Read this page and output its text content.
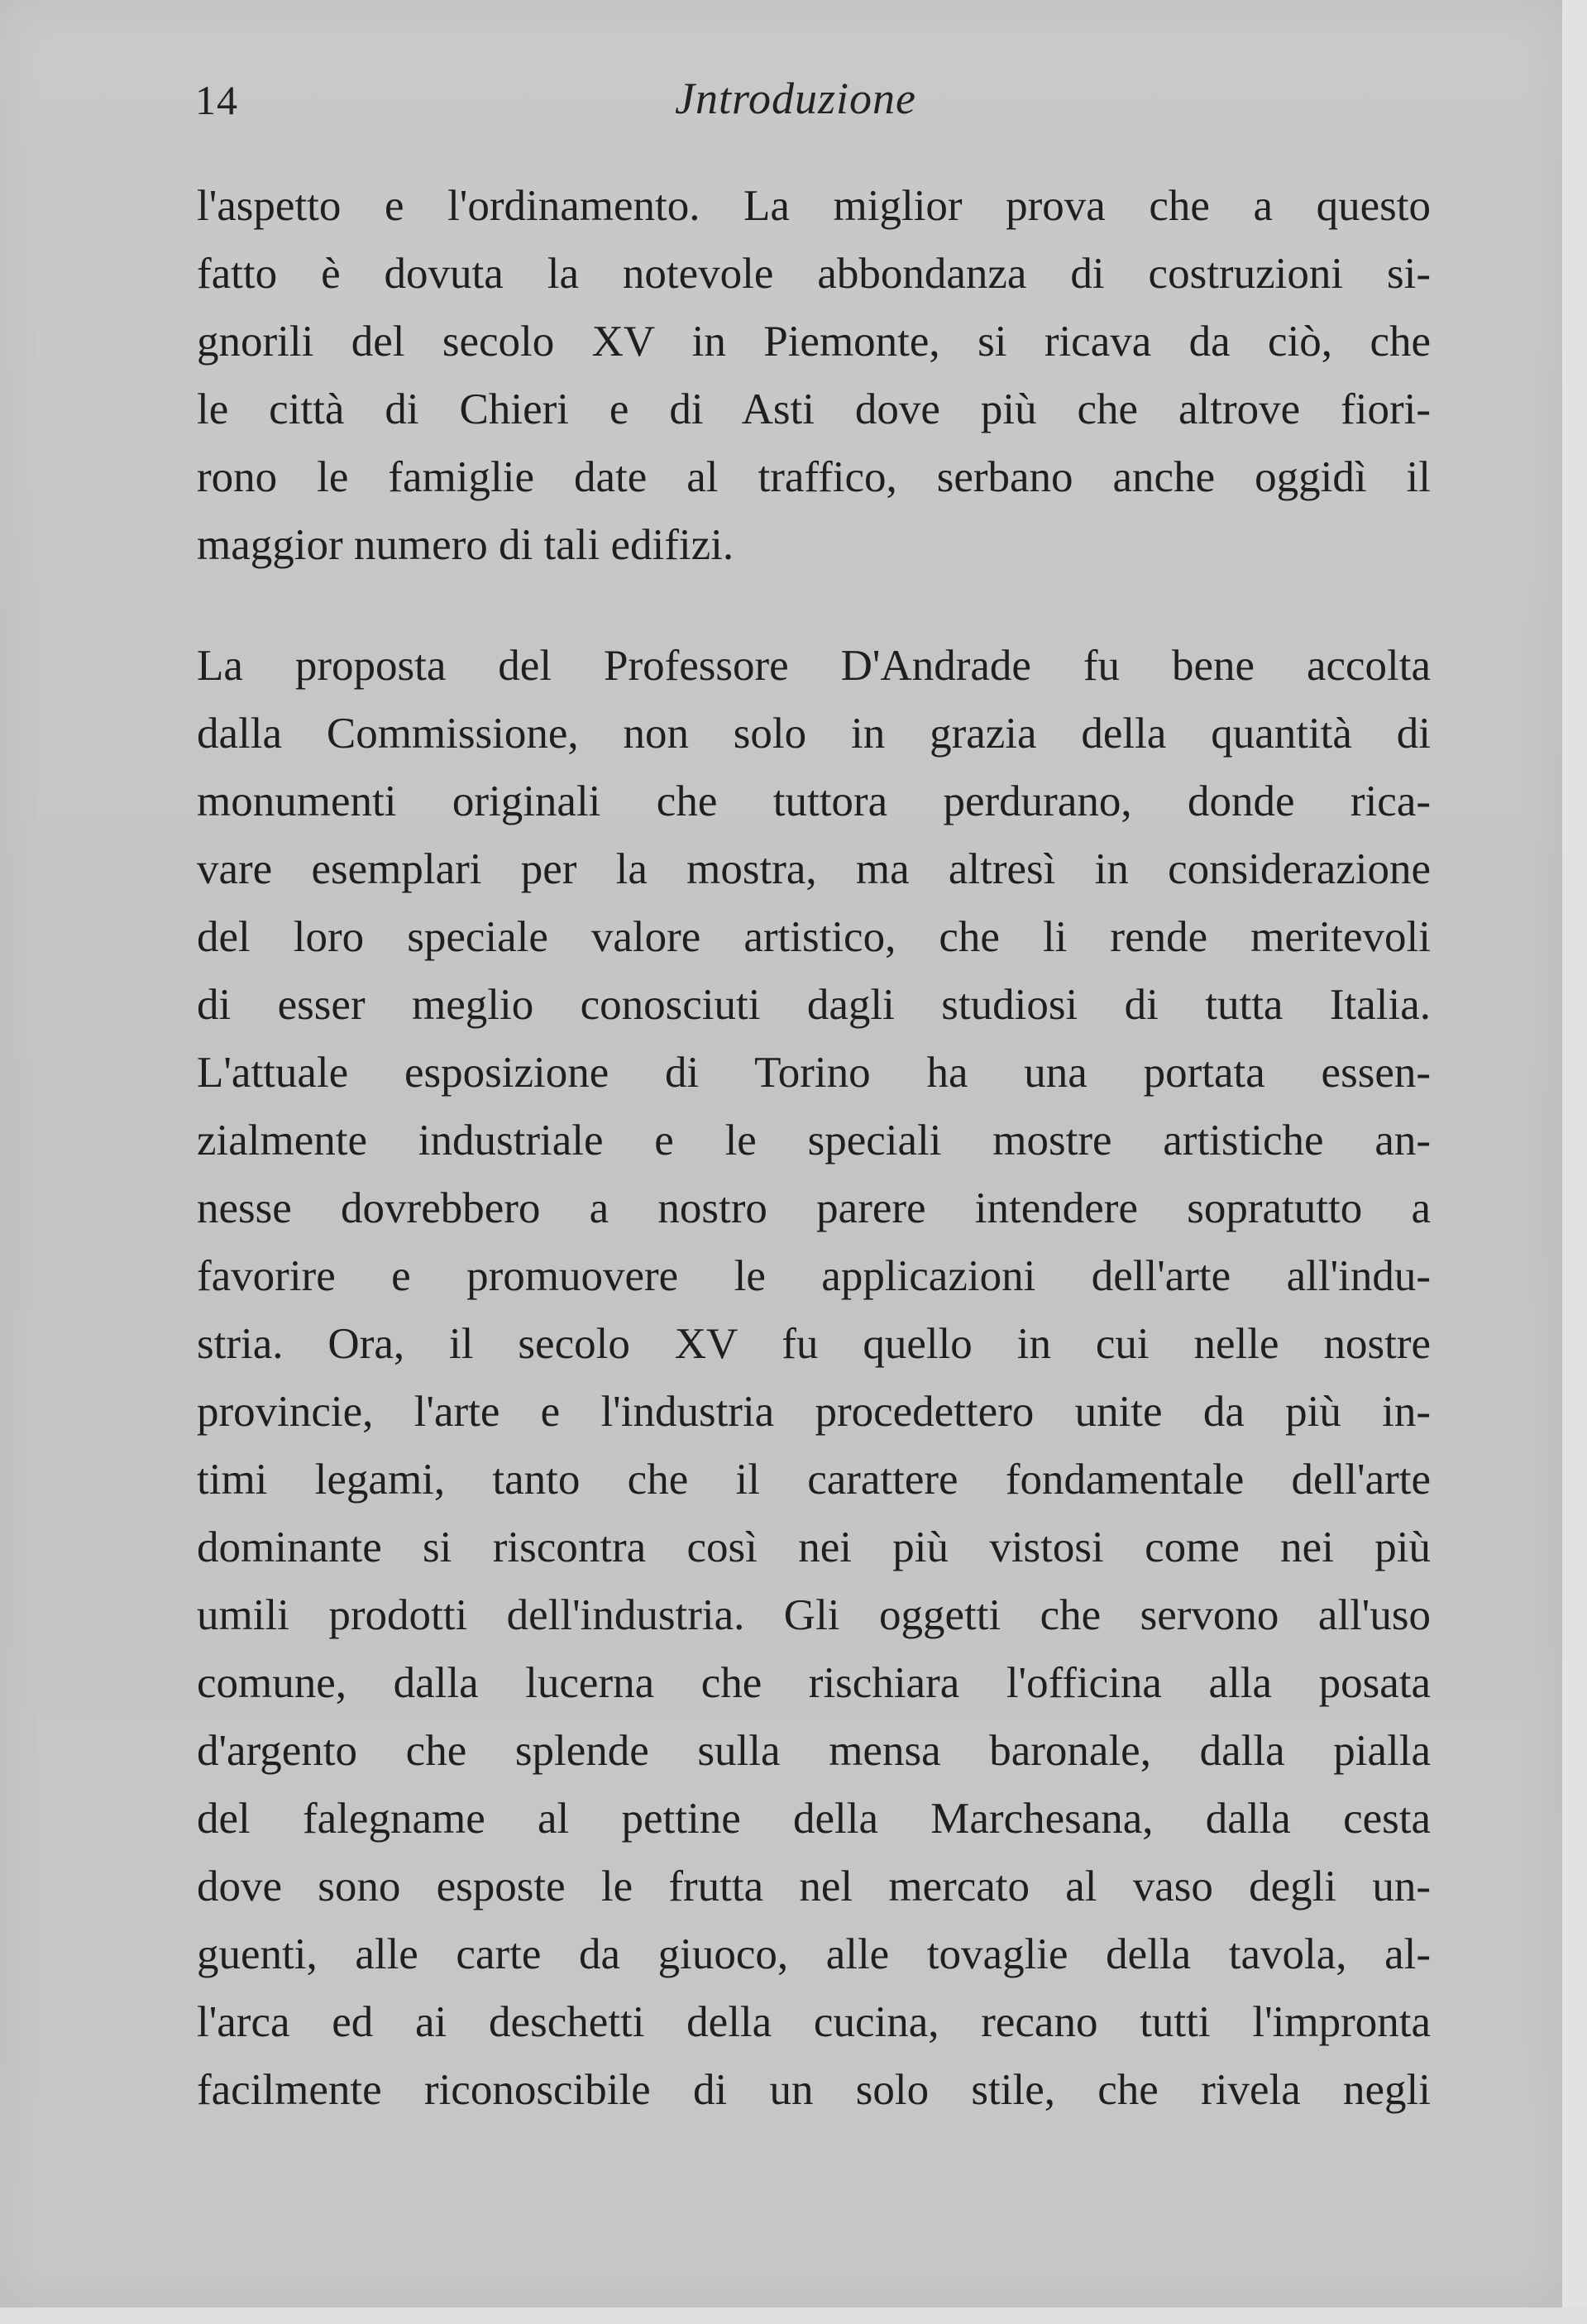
14	Jntroduzione
l'aspetto e l'ordinamento. La miglior prova che a questo
fatto è dovuta la notevole abbondanza di costruzioni si-
gnorili del secolo XV in Piemonte, si ricava da ciò, che
le città di Chieri e di Asti dove più che altrove fiori-
rono le famiglie date al traffico, serbano anche oggidì il
maggior numero di tali edifizi.
La proposta del Professore D'Andrade fu bene accolta
dalla Commissione, non solo in grazia della quantità di
monumenti originali che tuttora perdurano, donde rica-
vare esemplari per la mostra, ma altresì in considerazione
del loro speciale valore artistico, che li rende meritevoli
di esser meglio conosciuti dagli studiosi di tutta Italia.
L'attuale esposizione di Torino ha una portata essen-
zialmente industriale e le speciali mostre artistiche an-
nesse dovrebbero a nostro parere intendere sopratutto a
favorire e promuovere le applicazioni dell'arte all'indu-
stria. Ora, il secolo XV fu quello in cui nelle nostre
provincie, l'arte e l'industria procedettero unite da più in-
timi legami, tanto che il carattere fondamentale dell'arte
dominante si riscontra così nei più vistosi come nei più
umili prodotti dell'industria. Gli oggetti che servono all'uso
comune, dalla lucerna che rischiara l'officina alla posata
d'argento che splende sulla mensa baronale, dalla pialla
del falegname al pettine della Marchesana, dalla cesta
dove sono esposte le frutta nel mercato al vaso degli un-
guenti, alle carte da giuoco, alle tovaglie della tavola, al-
l'arca ed ai deschetti della cucina, recano tutti l'impronta
facilmente riconoscibile di un solo stile, che rivela negli
